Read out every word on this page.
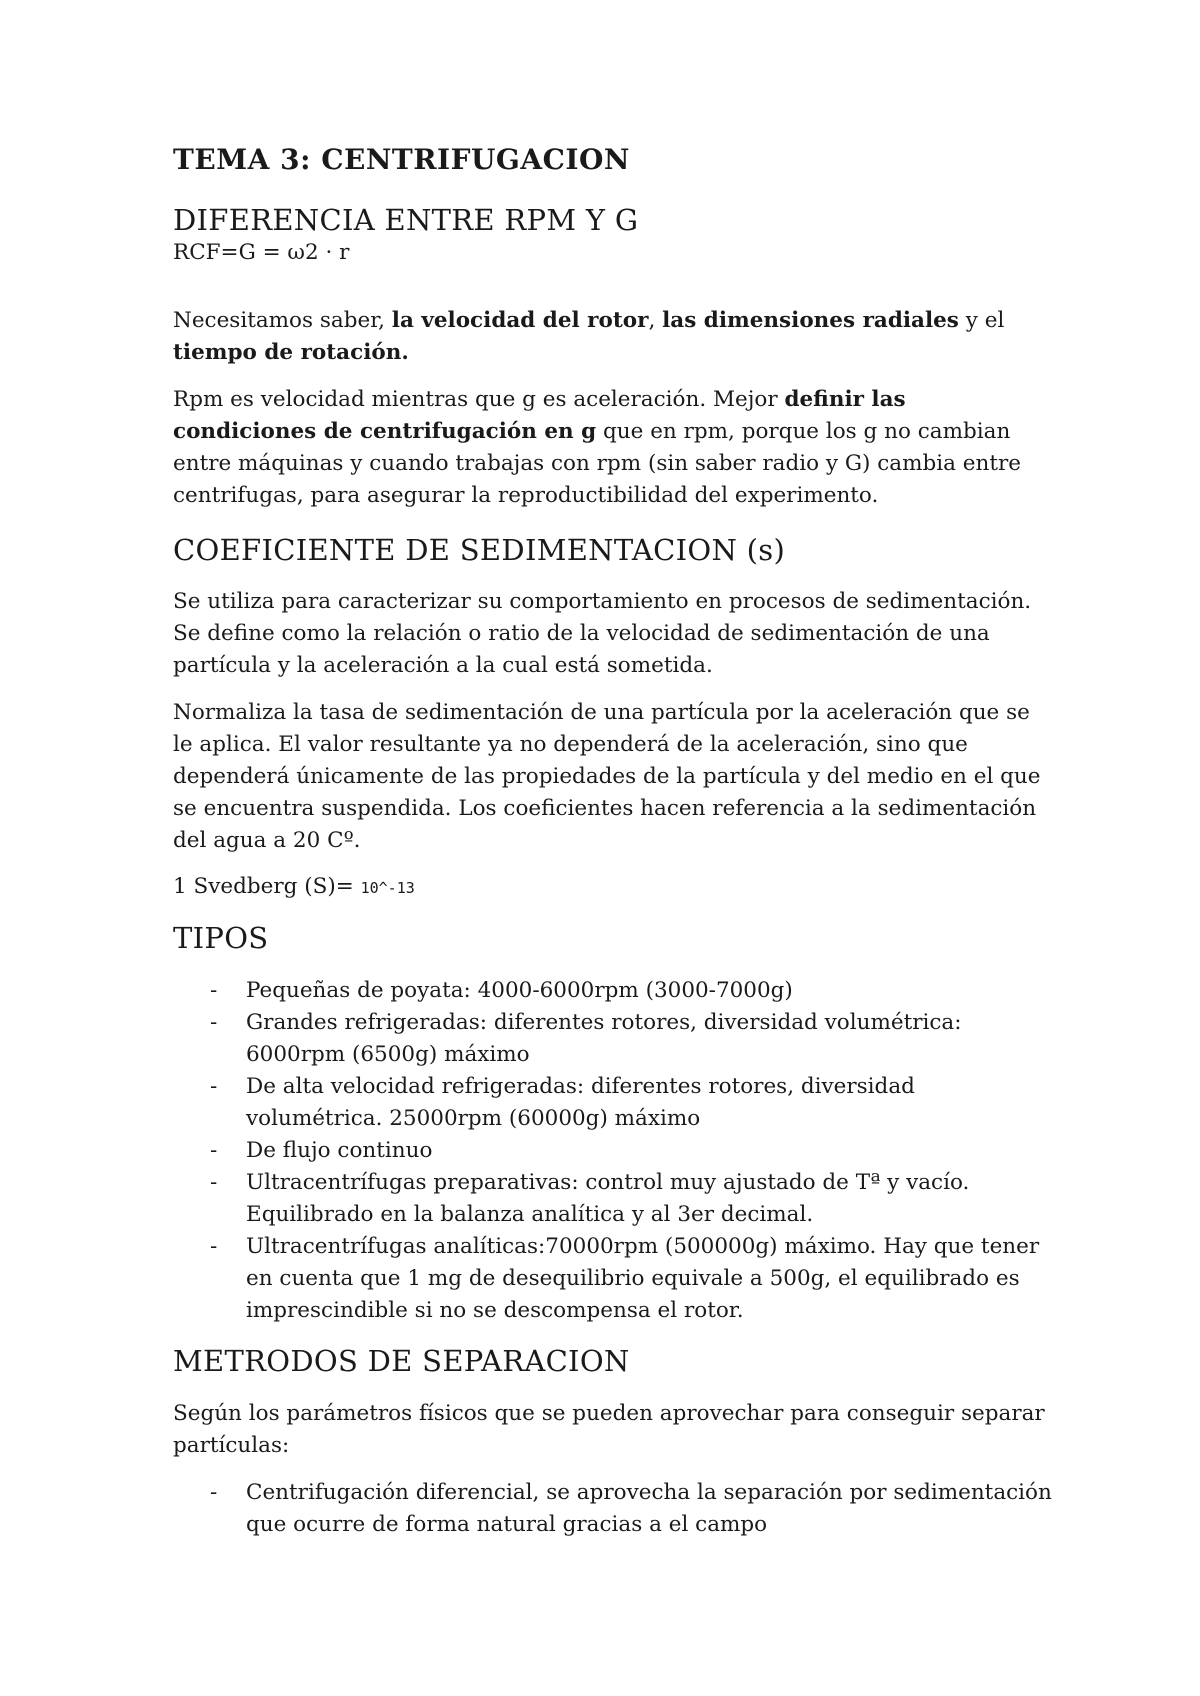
TEMA 3: CENTRIFUGACION
DIFERENCIA ENTRE RPM Y G

RCF=G = ω2 · r

Necesitamos saber, la velocidad del rotor, las dimensiones radiales y el tiempo de rotación.

Rpm es velocidad mientras que g es aceleración. Mejor definir las condiciones de centrifugación en g que en rpm, porque los g no cambian entre máquinas y cuando trabajas con rpm (sin saber radio y G) cambia entre centrifugas, para asegurar la reproductibilidad del experimento.

COEFICIENTE DE SEDIMENTACION (s)

Se utiliza para caracterizar su comportamiento en procesos de sedimentación. Se define como la relación o ratio de la velocidad de sedimentación de una partícula y la aceleración a la cual está sometida.

Normaliza la tasa de sedimentación de una partícula por la aceleración que se le aplica. El valor resultante ya no dependerá de la aceleración, sino que dependerá únicamente de las propiedades de la partícula y del medio en el que se encuentra suspendida. Los coeficientes hacen referencia a la sedimentación del agua a 20 Cº.

1 Svedberg (S)= 10^-13

TIPOS
- Pequeñas de poyata: 4000-6000rpm (3000-7000g)
- Grandes refrigeradas: diferentes rotores, diversidad volumétrica: 6000rpm (6500g) máximo
- De alta velocidad refrigeradas: diferentes rotores, diversidad volumétrica. 25000rpm (60000g) máximo
- De flujo continuo
- Ultracentrífugas preparativas: control muy ajustado de Tª y vacío. Equilibrado en la balanza analítica y al 3er decimal.
- Ultracentrífugas analíticas:70000rpm (500000g) máximo. Hay que tener en cuenta que 1 mg de desequilibrio equivale a 500g, el equilibrado es imprescindible si no se descompensa el rotor.
METRODOS DE SEPARACION

Según los parámetros físicos que se pueden aprovechar para conseguir separar partículas:

- Centrifugación diferencial, se aprovecha la separación por sedimentación que ocurre de forma natural gracias a el campo
